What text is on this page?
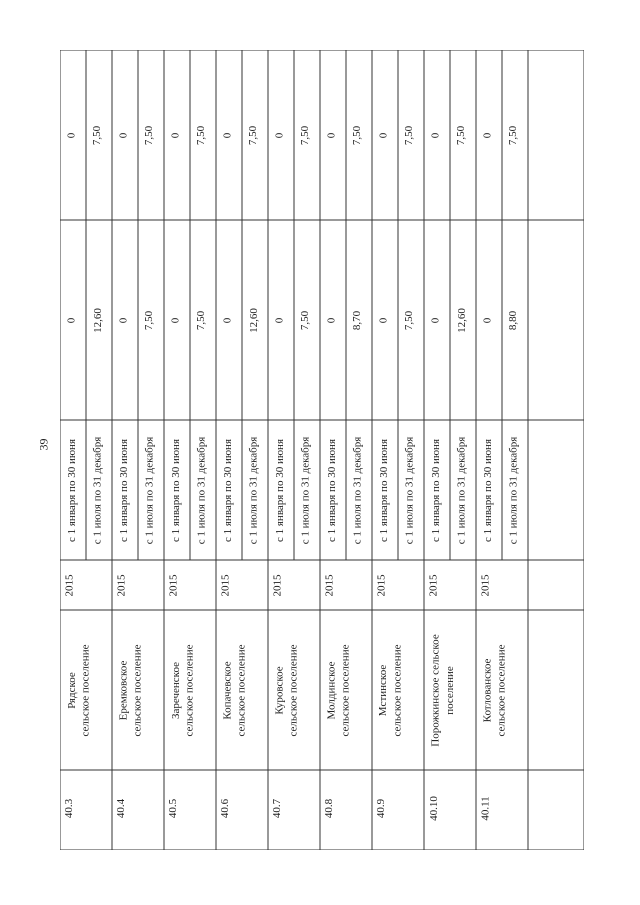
39
40.3
Рядское сельское поселение
2015
с 1 января по 30 июня
0
0
с 1 июля по 31 декабря
12,60
7,50
40.4
Еремковское сельское поселение
2015
с 1 января по 30 июня
0
0
с 1 июля по 31 декабря
7,50
7,50
40.5
Зареченское сельское поселение
2015
с 1 января по 30 июня
0
0
с 1 июля по 31 декабря
7,50
7,50
40.6
Копачевское сельское поселение
2015
с 1 января по 30 июня
0
0
с 1 июля по 31 декабря
12,60
7,50
40.7
Куровское сельское поселение
2015
с 1 января по 30 июня
0
0
с 1 июля по 31 декабря
7,50
7,50
40.8
Молдинское сельское поселение
2015
с 1 января по 30 июня
0
0
с 1 июля по 31 декабря
8,70
7,50
40.9
Мстинское сельское поселение
2015
с 1 января по 30 июня
0
0
с 1 июля по 31 декабря
7,50
7,50
40.10
Порожкинское сельское поселение
2015
с 1 января по 30 июня
0
0
с 1 июля по 31 декабря
12,60
7,50
40.11
Котлованское сельское поселение
2015
с 1 января по 30 июня
0
0
с 1 июля по 31 декабря
8,80
7,50
